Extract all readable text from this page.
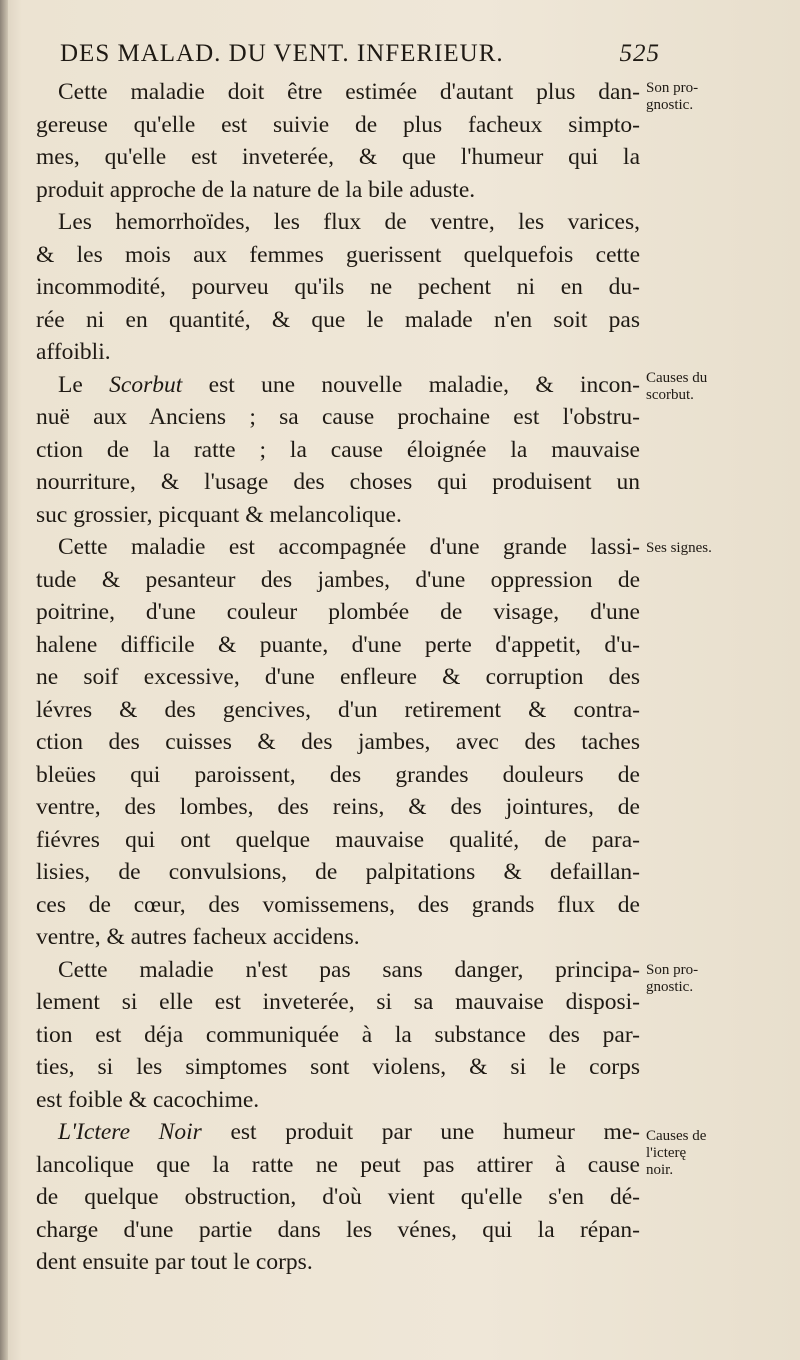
DES MALAD. DU VENT. INFERIEUR.	525
Cette maladie doit être estimée d'autant plus dan-
gereuse qu'elle est suivie de plus facheux simpto-
mes, qu'elle est inveterée, & que l'humeur qui la
produit approche de la nature de la bile aduste.
Les hemorrhoïdes, les flux de ventre, les varices,
& les mois aux femmes guerissent quelquefois cette
incommodité, pourveu qu'ils ne pechent ni en du-
rée ni en quantité, & que le malade n'en soit pas
affoibli.
Le Scorbut est une nouvelle maladie, & incon-
nuë aux Anciens ; sa cause prochaine est l'obstru-
ction de la ratte ; la cause éloignée la mauvaise
nourriture, & l'usage des choses qui produisent un
suc grossier, picquant & melancolique.
Cette maladie est accompagnée d'une grande lassi-
tude & pesanteur des jambes, d'une oppression de
poitrine, d'une couleur plombée de visage, d'une
halene difficile & puante, d'une perte d'appetit, d'u-
ne soif excessive, d'une enfleure & corruption des
lévres & des gencives, d'un retirement & contra-
ction des cuisses & des jambes, avec des taches
bleües qui paroissent, des grandes douleurs de
ventre, des lombes, des reins, & des jointures, de
fiévres qui ont quelque mauvaise qualité, de para-
lisies, de convulsions, de palpitations & defaillan-
ces de cœur, des vomissemens, des grands flux de
ventre, & autres facheux accidens.
Cette maladie n'est pas sans danger, principa-
lement si elle est inveterée, si sa mauvaise disposi-
tion est déja communiquée à la substance des par-
ties, si les simptomes sont violens, & si le corps
est foible & cacochime.
L'Ictere Noir est produit par une humeur me-
lancolique que la ratte ne peut pas attirer à cause
de quelque obstruction, d'où vient qu'elle s'en dé-
charge d'une partie dans les vénes, qui la répan-
dent ensuite par tout le corps.
Son pro-
gnostic.
Causes du
scorbut.
Ses signes.
Son pro-
gnostic.
Causes de
l'icterę
noir.
